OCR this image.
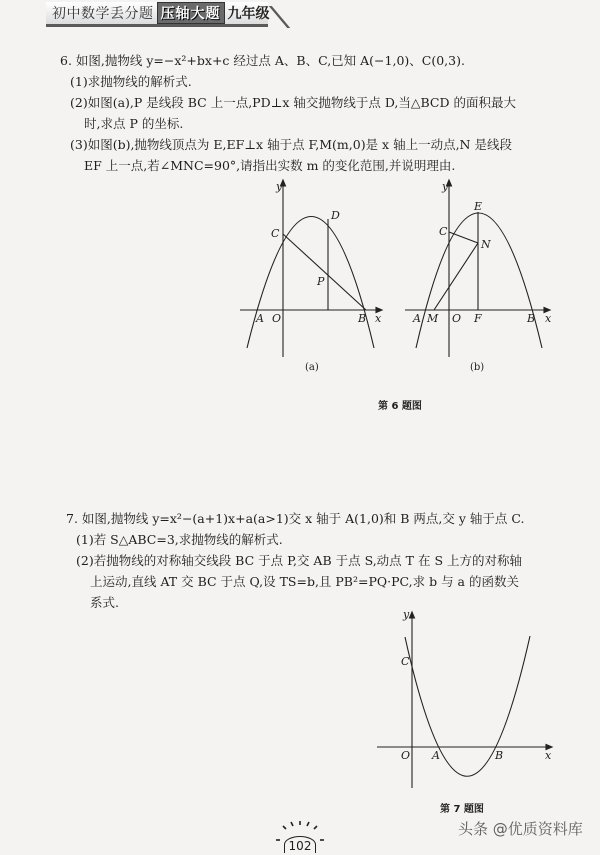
初中数学丢分题 压轴大题 九年级
6. 如图,抛物线 y=−x²+bx+c 经过点 A、B、C,已知 A(−1,0)、C(0,3).
(1)求抛物线的解析式.
(2)如图(a),P 是线段 BC 上一点,PD⊥x 轴交抛物线于点 D,当△BCD 的面积最大
时,求点 P 的坐标.
(3)如图(b),抛物线顶点为 E,EF⊥x 轴于点 F,M(m,0)是 x 轴上一动点,N 是线段
EF 上一点,若∠MNC=90°,请指出实数 m 的变化范围,并说明理由.
y
x
A O	B
C
D
P
y
x
A M O F	B
C
E
N
y
x
C
O A	B
(a)	(b)
第 6 题图
7. 如图,抛物线 y=x²−(a+1)x+a(a>1)交 x 轴于 A(1,0)和 B 两点,交 y 轴于点 C.
(1)若 S△ABC=3,求抛物线的解析式.
(2)若抛物线的对称轴交线段 BC 于点 P,交 AB 于点 S,动点 T 在 S 上方的对称轴
上运动,直线 AT 交 BC 于点 Q,设 TS=b,且 PB²=PQ·PC,求 b 与 a 的函数关
系式.
第 7 题图
102
头条 @优质资料库
